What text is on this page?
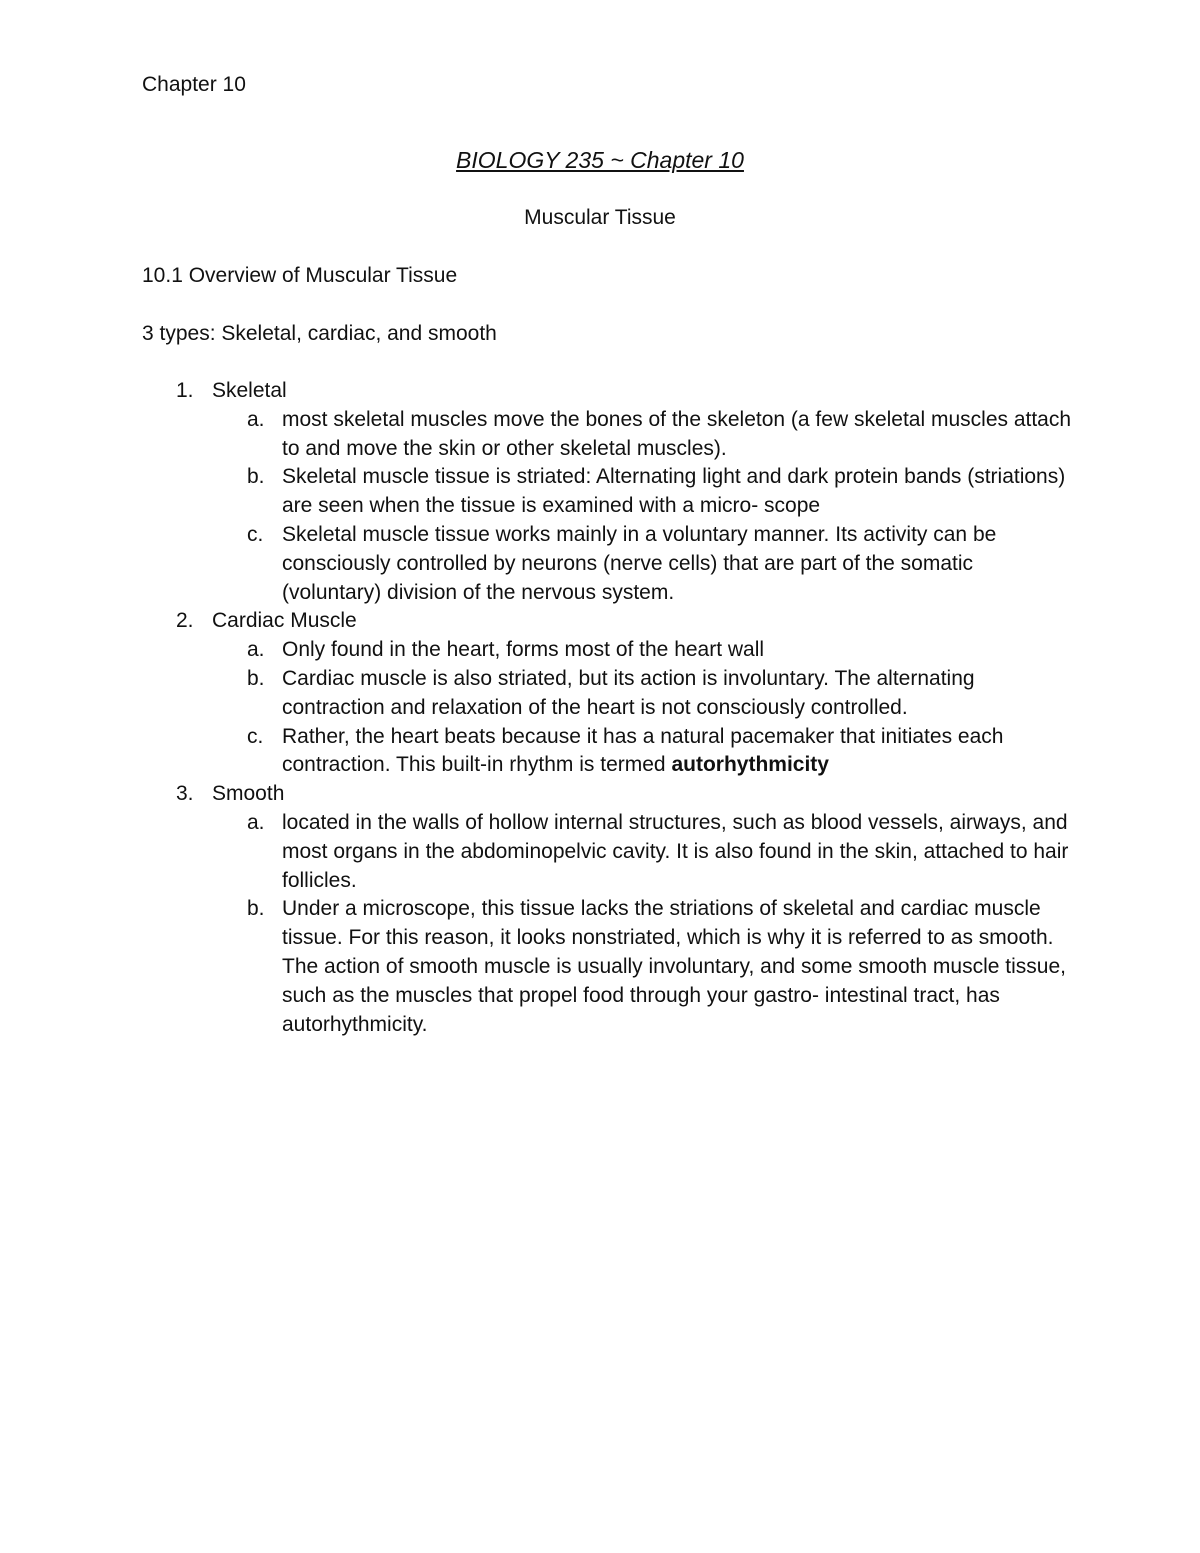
Chapter 10
BIOLOGY 235 ~ Chapter 10
Muscular Tissue
10.1 Overview of Muscular Tissue
3 types: Skeletal, cardiac, and smooth
1. Skeletal
a. most skeletal muscles move the bones of the skeleton (a few skeletal muscles attach to and move the skin or other skeletal muscles).
b. Skeletal muscle tissue is striated: Alternating light and dark protein bands (striations) are seen when the tissue is examined with a micro- scope
c. Skeletal muscle tissue works mainly in a voluntary manner. Its activity can be consciously controlled by neurons (nerve cells) that are part of the somatic (voluntary) division of the nervous system.
2. Cardiac Muscle
a. Only found in the heart, forms most of the heart wall
b. Cardiac muscle is also striated, but its action is involuntary. The alternating contraction and relaxation of the heart is not consciously controlled.
c. Rather, the heart beats because it has a natural pacemaker that initiates each contraction. This built-in rhythm is termed autorhythmicity
3. Smooth
a. located in the walls of hollow internal structures, such as blood vessels, airways, and most organs in the abdominopelvic cavity. It is also found in the skin, attached to hair follicles.
b. Under a microscope, this tissue lacks the striations of skeletal and cardiac muscle tissue. For this reason, it looks nonstriated, which is why it is referred to as smooth. The action of smooth muscle is usually involuntary, and some smooth muscle tissue, such as the muscles that propel food through your gastro- intestinal tract, has autorhythmicity.
